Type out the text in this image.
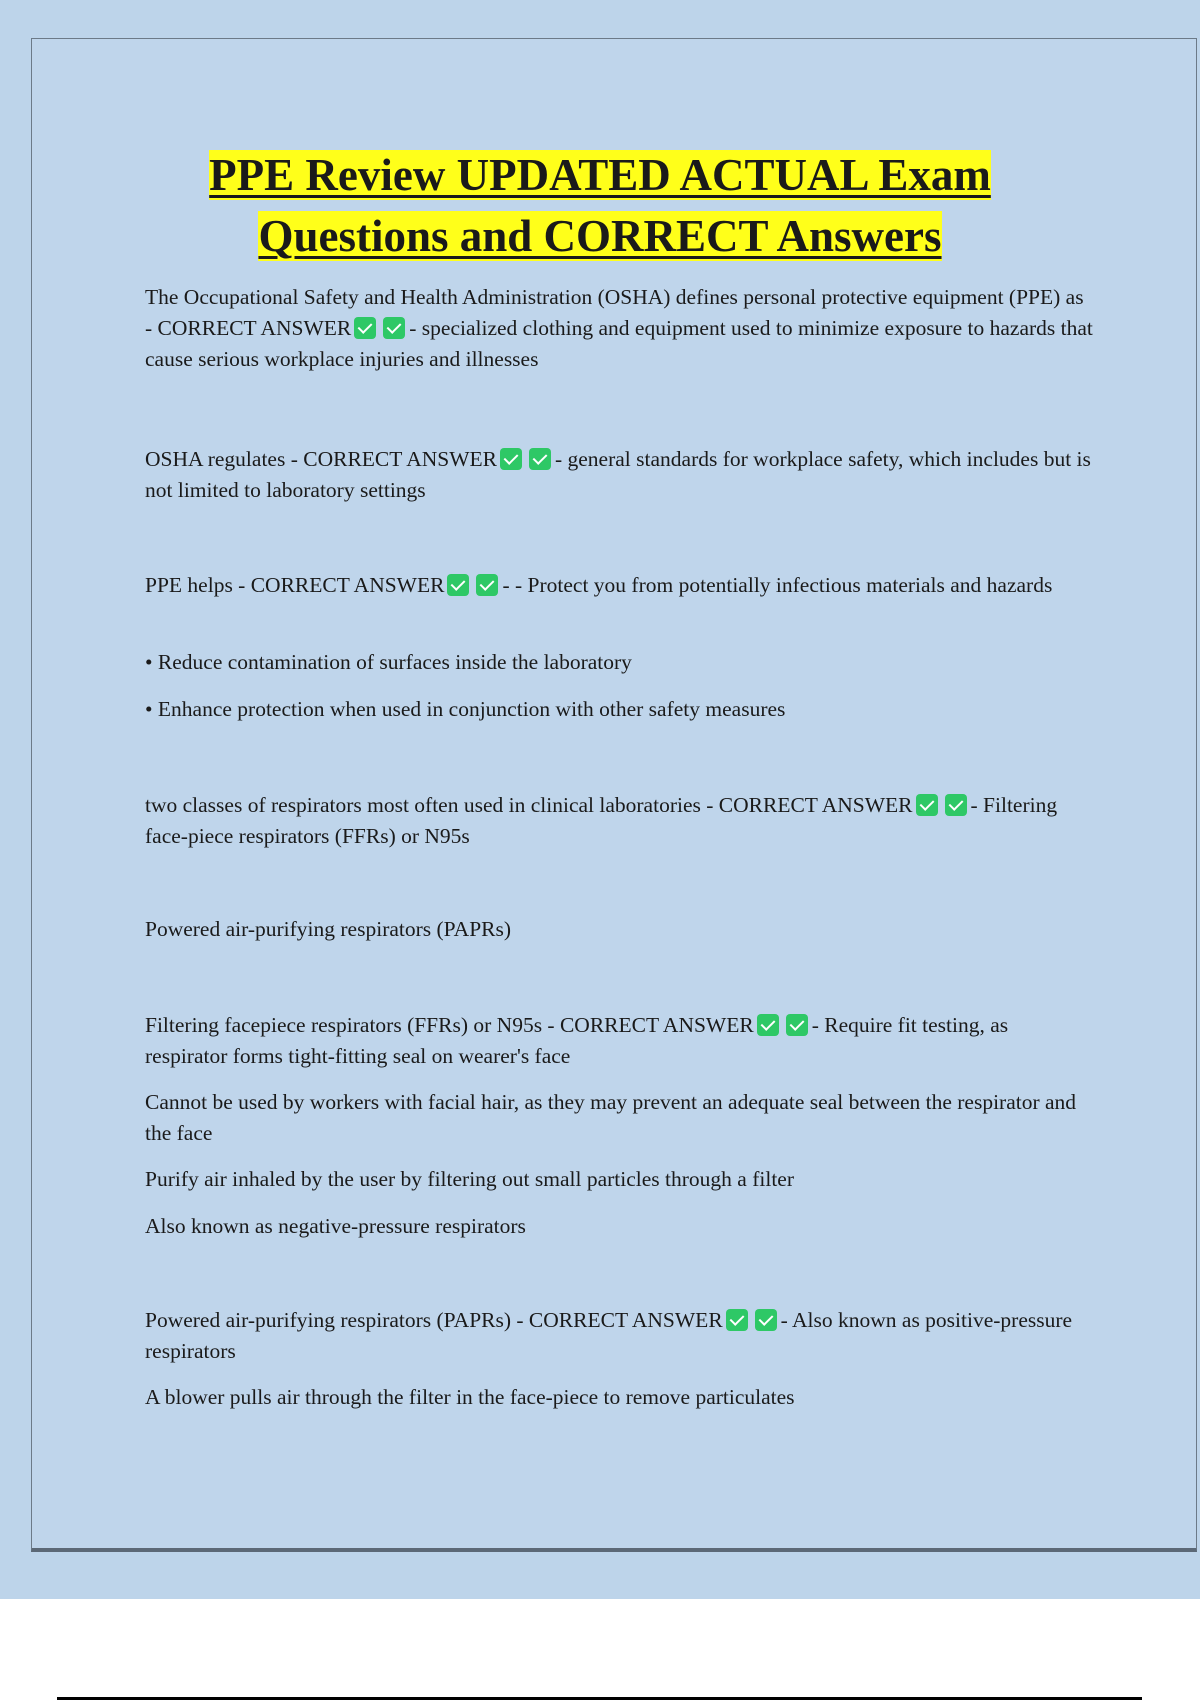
PPE Review UPDATED ACTUAL Exam
Questions and CORRECT Answers
The Occupational Safety and Health Administration (OSHA) defines personal protective equipment (PPE) as - CORRECT ANSWER	- specialized clothing and equipment used to minimize exposure to hazards that cause serious workplace injuries and illnesses
OSHA regulates - CORRECT ANSWER	- general standards for workplace safety, which includes but is not limited to laboratory settings
PPE helps - CORRECT ANSWER	- - Protect you from potentially infectious materials and hazards
• Reduce contamination of surfaces inside the laboratory
• Enhance protection when used in conjunction with other safety measures
two classes of respirators most often used in clinical laboratories - CORRECT ANSWER	- Filtering face-piece respirators (FFRs) or N95s
Powered air-purifying respirators (PAPRs)
Filtering facepiece respirators (FFRs) or N95s - CORRECT ANSWER	- Require fit testing, as respirator forms tight-fitting seal on wearer's face
Cannot be used by workers with facial hair, as they may prevent an adequate seal between the respirator and the face
Purify air inhaled by the user by filtering out small particles through a filter
Also known as negative-pressure respirators
Powered air-purifying respirators (PAPRs) - CORRECT ANSWER	- Also known as positive-pressure respirators
A blower pulls air through the filter in the face-piece to remove particulates
